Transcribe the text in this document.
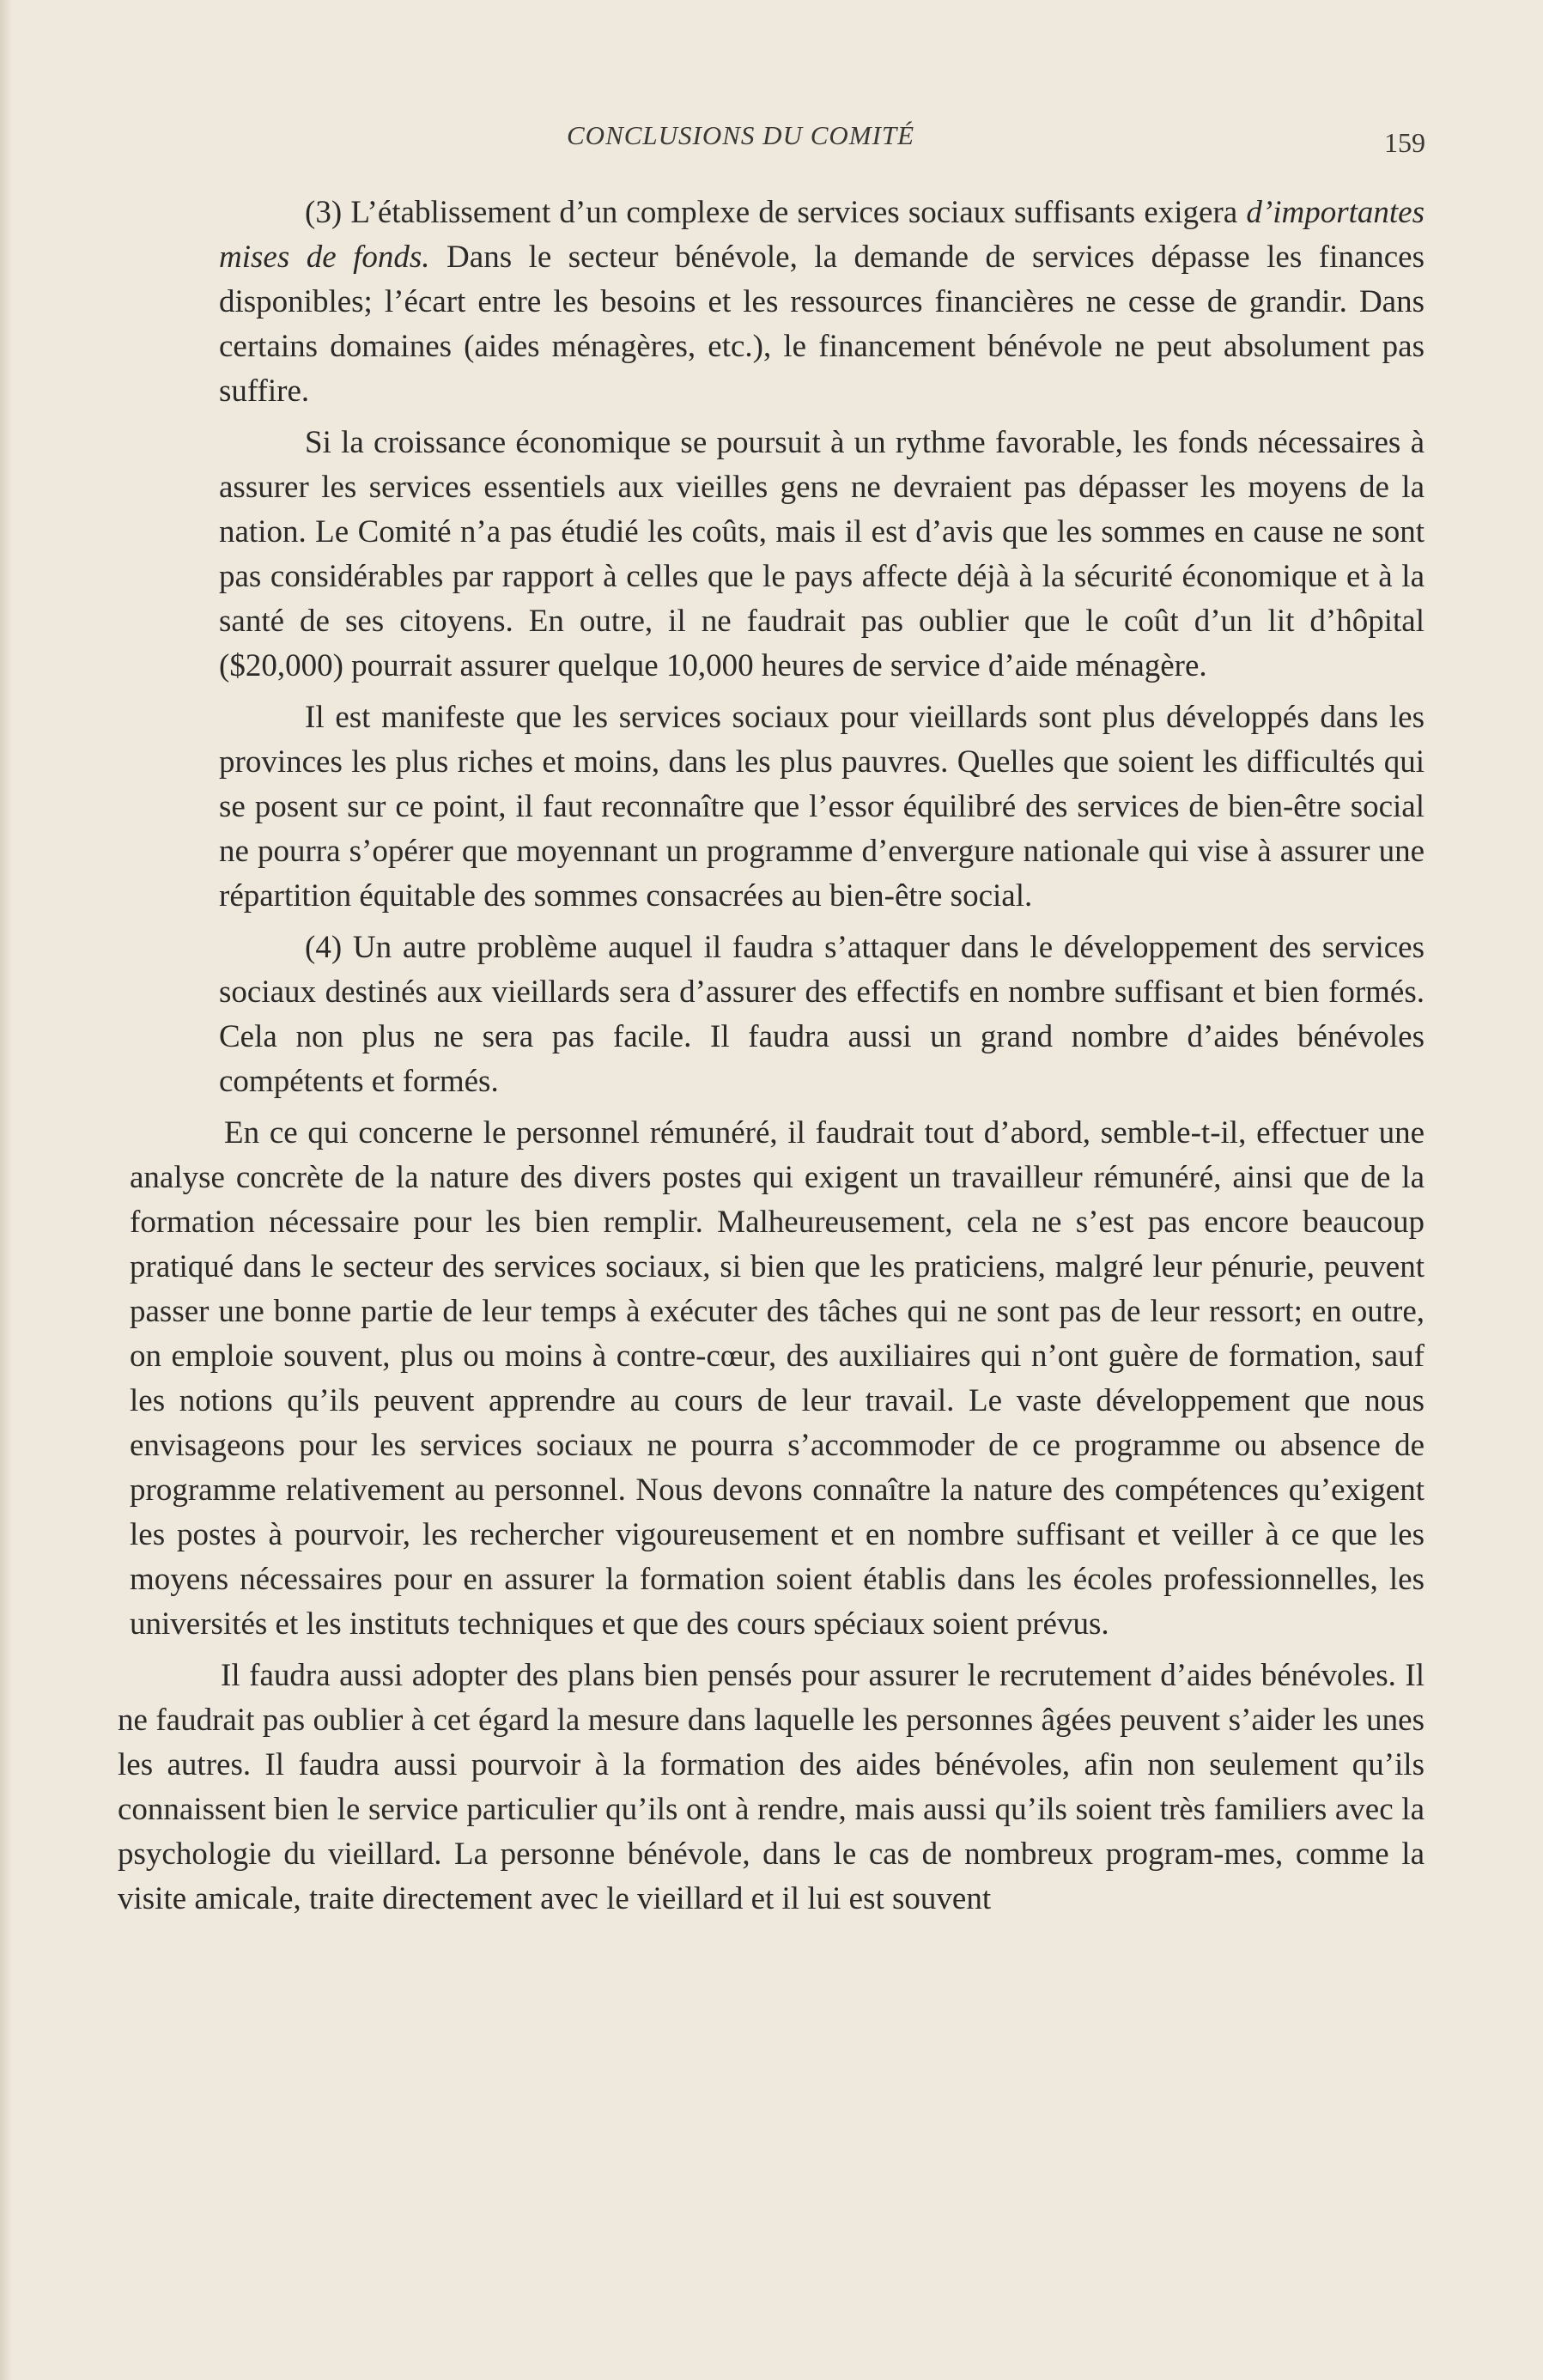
CONCLUSIONS DU COMITÉ	159

(3) L’établissement d’un complexe de services sociaux suffisants exigera d’importantes mises de fonds. Dans le secteur bénévole, la demande de services dépasse les finances disponibles; l’écart entre les besoins et les ressources financières ne cesse de grandir. Dans certains domaines (aides ménagères, etc.), le financement bénévole ne peut absolument pas suffire.

Si la croissance économique se poursuit à un rythme favorable, les fonds nécessaires à assurer les services essentiels aux vieilles gens ne devraient pas dépasser les moyens de la nation. Le Comité n’a pas étudié les coûts, mais il est d’avis que les sommes en cause ne sont pas considérables par rapport à celles que le pays affecte déjà à la sécurité économique et à la santé de ses citoyens. En outre, il ne faudrait pas oublier que le coût d’un lit d’hôpital ($20,000) pourrait assurer quelque 10,000 heures de service d’aide ménagère.

Il est manifeste que les services sociaux pour vieillards sont plus développés dans les provinces les plus riches et moins, dans les plus pauvres. Quelles que soient les difficultés qui se posent sur ce point, il faut reconnaître que l’essor équilibré des services de bien-être social ne pourra s’opérer que moyennant un programme d’envergure nationale qui vise à assurer une répartition équitable des sommes consacrées au bien-être social.

(4) Un autre problème auquel il faudra s’attaquer dans le développement des services sociaux destinés aux vieillards sera d’assurer des effectifs en nombre suffisant et bien formés. Cela non plus ne sera pas facile. Il faudra aussi un grand nombre d’aides bénévoles compétents et formés.

En ce qui concerne le personnel rémunéré, il faudrait tout d’abord, semble-t-il, effectuer une analyse concrète de la nature des divers postes qui exigent un travailleur rémunéré, ainsi que de la formation nécessaire pour les bien remplir. Malheureusement, cela ne s’est pas encore beaucoup pratiqué dans le secteur des services sociaux, si bien que les praticiens, malgré leur pénurie, peuvent passer une bonne partie de leur temps à exécuter des tâches qui ne sont pas de leur ressort; en outre, on emploie souvent, plus ou moins à contre-cœur, des auxiliaires qui n’ont guère de formation, sauf les notions qu’ils peuvent apprendre au cours de leur travail. Le vaste développement que nous envisageons pour les services sociaux ne pourra s’accommoder de ce programme ou absence de programme relativement au personnel. Nous devons connaître la nature des compétences qu’exigent les postes à pourvoir, les rechercher vigoureusement et en nombre suffisant et veiller à ce que les moyens nécessaires pour en assurer la formation soient établis dans les écoles professionnelles, les universités et les instituts techniques et que des cours spéciaux soient prévus.

Il faudra aussi adopter des plans bien pensés pour assurer le recrutement d’aides bénévoles. Il ne faudrait pas oublier à cet égard la mesure dans laquelle les personnes âgées peuvent s’aider les unes les autres. Il faudra aussi pourvoir à la formation des aides bénévoles, afin non seulement qu’ils connaissent bien le service particulier qu’ils ont à rendre, mais aussi qu’ils soient très familiers avec la psychologie du vieillard. La personne bénévole, dans le cas de nombreux program-mes, comme la visite amicale, traite directement avec le vieillard et il lui est souvent
